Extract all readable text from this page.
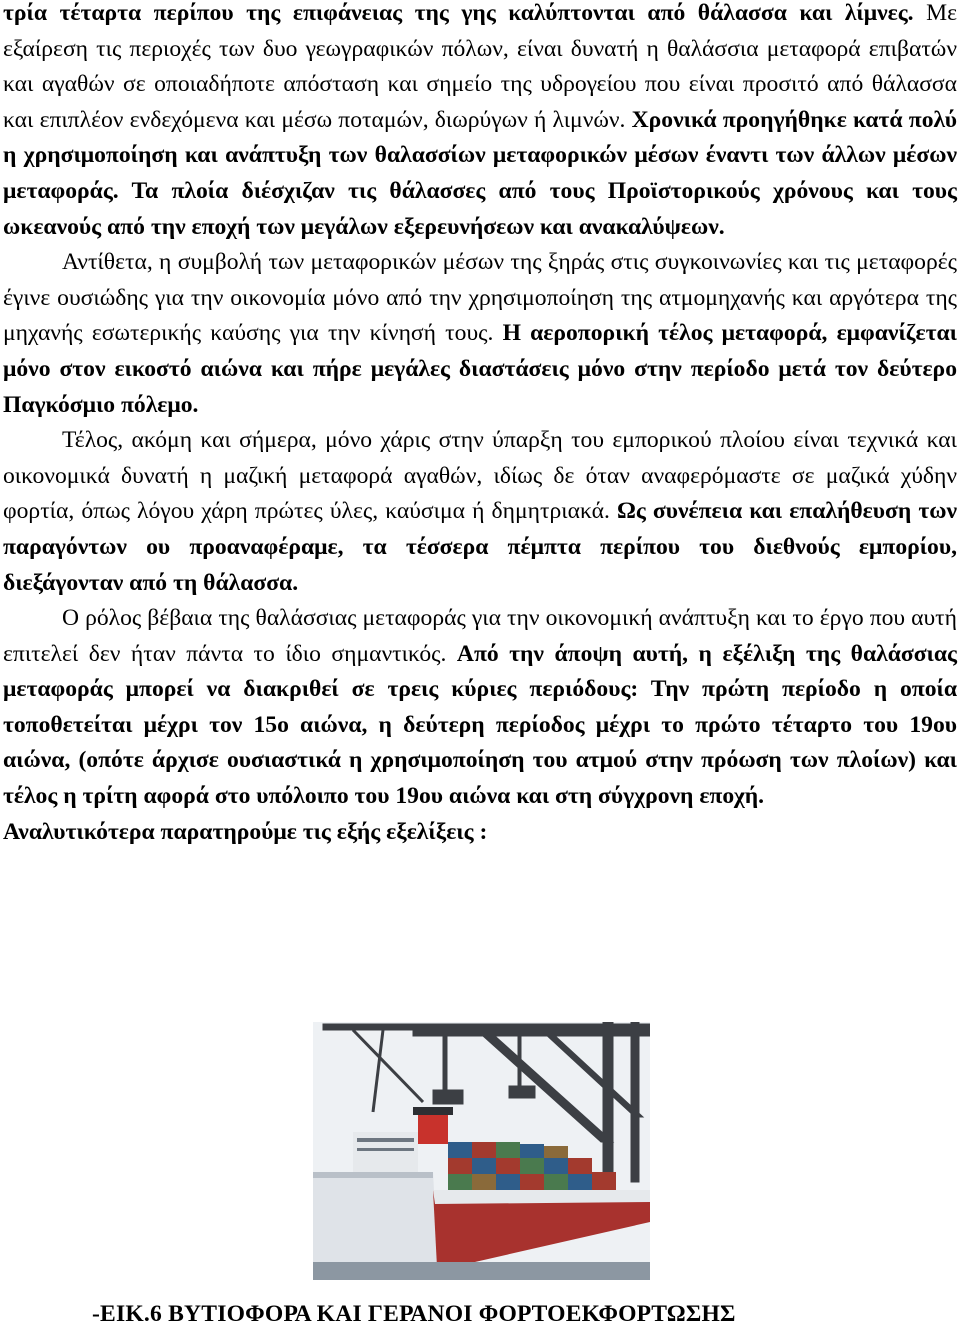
τρία τέταρτα περίπου της επιφάνειας της γης καλύπτονται από θάλασσα και λίμνες. Με εξαίρεση τις περιοχές των δυο γεωγραφικών πόλων, είναι δυνατή η θαλάσσια μεταφορά επιβατών και αγαθών σε οποιαδήποτε απόσταση και σημείο της υδρογείου που είναι προσιτό από θάλασσα και επιπλέον ενδεχόμενα και μέσω ποταμών, διωρύγων ή λιμνών. Χρονικά προηγήθηκε κατά πολύ η χρησιμοποίηση και ανάπτυξη των θαλασσίων μεταφορικών μέσων έναντι των άλλων μέσων μεταφοράς. Τα πλοία διέσχιζαν τις θάλασσες από τους Προϊστορικούς χρόνους και τους ωκεανούς από την εποχή των μεγάλων εξερευνήσεων και ανακαλύψεων.

Αντίθετα, η συμβολή των μεταφορικών μέσων της ξηράς στις συγκοινωνίες και τις μεταφορές έγινε ουσιώδης για την οικονομία μόνο από την χρησιμοποίηση της ατμομηχανής και αργότερα της μηχανής εσωτερικής καύσης για την κίνησή τους. Η αεροπορική τέλος μεταφορά, εμφανίζεται μόνο στον εικοστό αιώνα και πήρε μεγάλες διαστάσεις μόνο στην περίοδο μετά τον δεύτερο Παγκόσμιο πόλεμο.

Τέλος, ακόμη και σήμερα, μόνο χάρις στην ύπαρξη του εμπορικού πλοίου είναι τεχνικά και οικονομικά δυνατή η μαζική μεταφορά αγαθών, ιδίως δε όταν αναφερόμαστε σε μαζικά χύδην φορτία, όπως λόγου χάρη πρώτες ύλες, καύσιμα ή δημητριακά. Ως συνέπεια και επαλήθευση των παραγόντων ου προαναφέραμε, τα τέσσερα πέμπτα περίπου του διεθνούς εμπορίου, διεξάγονταν από τη θάλασσα.

Ο ρόλος βέβαια της θαλάσσιας μεταφοράς για την οικονομική ανάπτυξη και το έργο που αυτή επιτελεί δεν ήταν πάντα το ίδιο σημαντικός. Από την άποψη αυτή, η εξέλιξη της θαλάσσιας μεταφοράς μπορεί να διακριθεί σε τρεις κύριες περιόδους: Την πρώτη περίοδο η οποία τοποθετείται μέχρι τον 15ο αιώνα, η δεύτερη περίοδος μέχρι το πρώτο τέταρτο του 19ου αιώνα, (οπότε άρχισε ουσιαστικά η χρησιμοποίηση του ατμού στην πρόωση των πλοίων) και τέλος η τρίτη αφορά στο υπόλοιπο του 19ου αιώνα και στη σύγχρονη εποχή.

Αναλυτικότερα παρατηρούμε τις εξής εξελίξεις :

-ΕΙΚ.6 ΒΥΤΙΟΦΟΡΑ ΚΑΙ ΓΕΡΑΝΟΙ ΦΟΡΤΟΕΚΦΟΡΤΩΣΗΣ
